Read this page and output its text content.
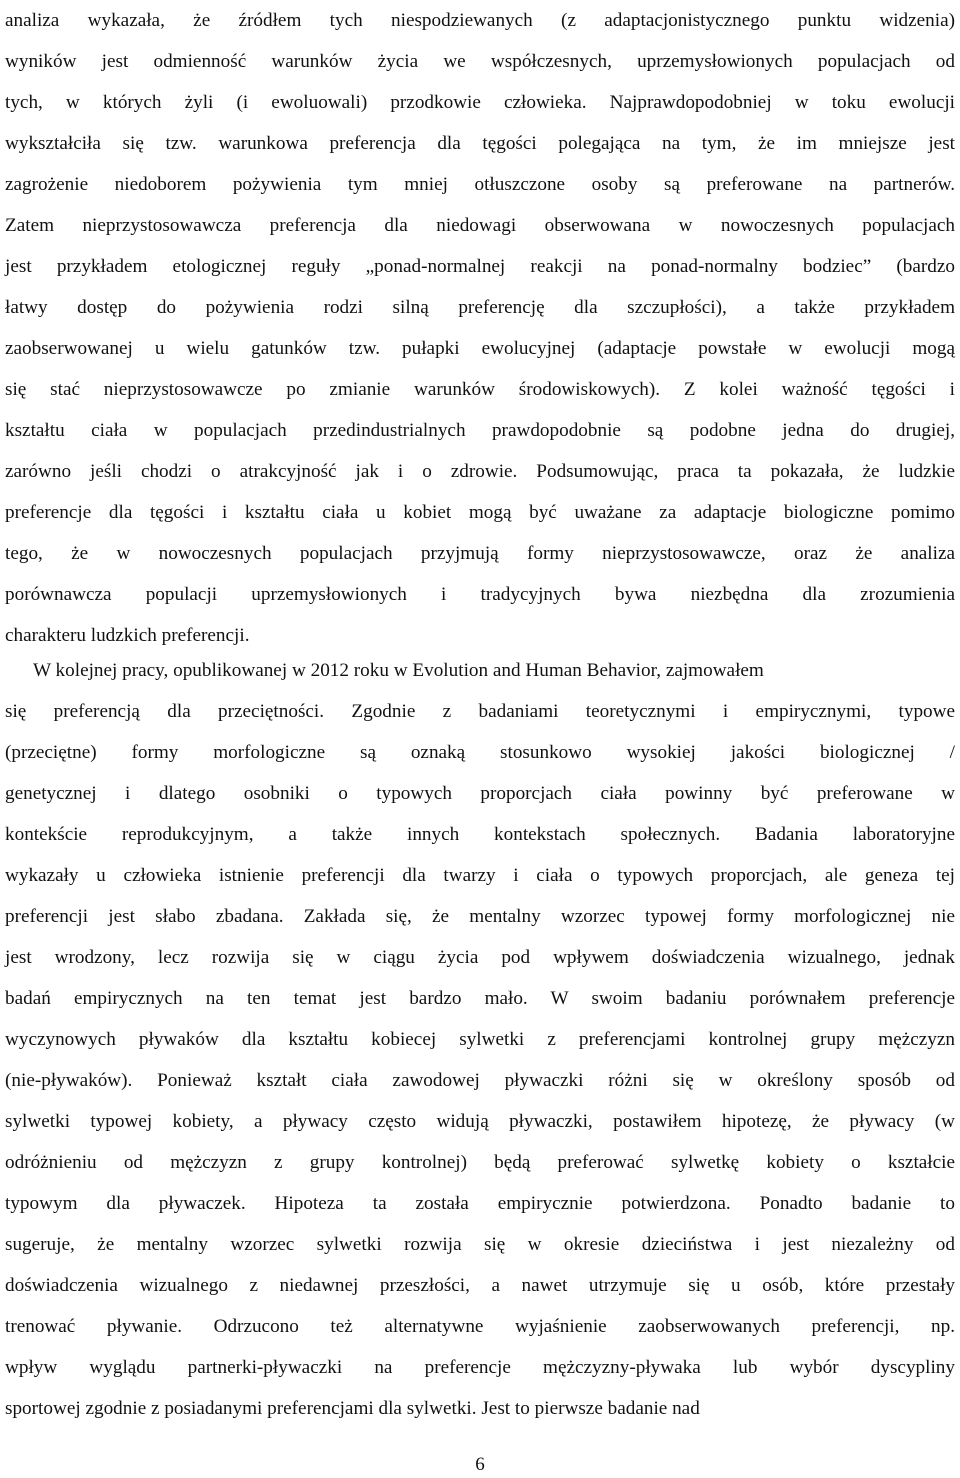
analiza wykazała, że źródłem tych niespodziewanych (z adaptacjonistycznego punktu widzenia)
wyników jest odmienność warunków życia we współczesnych, uprzemysłowionych populacjach od
tych, w których żyli (i ewoluowali) przodkowie człowieka. Najprawdopodobniej w toku ewolucji
wykształciła się tzw. warunkowa preferencja dla tęgości polegająca na tym, że im mniejsze jest
zagrożenie niedoborem pożywienia tym mniej otłuszczone osoby są preferowane na partnerów.
Zatem nieprzystosowawcza preferencja dla niedowagi obserwowana w nowoczesnych populacjach
jest przykładem etologicznej reguły „ponad-normalnej reakcji na ponad-normalny bodziec” (bardzo
łatwy dostęp do pożywienia rodzi silną preferencję dla szczupłości), a także przykładem
zaobserwowanej u wielu gatunków tzw. pułapki ewolucyjnej (adaptacje powstałe w ewolucji mogą
się stać nieprzystosowawcze po zmianie warunków środowiskowych). Z kolei ważność tęgości i
kształtu ciała w populacjach przedindustrialnych prawdopodobnie są podobne jedna do drugiej,
zarówno jeśli chodzi o atrakcyjność jak i o zdrowie. Podsumowując, praca ta pokazała, że ludzkie
preferencje dla tęgości i kształtu ciała u kobiet mogą być uważane za adaptacje biologiczne pomimo
tego, że w nowoczesnych populacjach przyjmują formy nieprzystosowawcze, oraz że analiza
porównawcza populacji uprzemysłowionych i tradycyjnych bywa niezbędna dla zrozumienia
charakteru ludzkich preferencji.
W kolejnej pracy, opublikowanej w 2012 roku w Evolution and Human Behavior, zajmowałem
się preferencją dla przeciętności. Zgodnie z badaniami teoretycznymi i empirycznymi, typowe
(przeciętne) formy morfologiczne są oznaką stosunkowo wysokiej jakości biologicznej /
genetycznej i dlatego osobniki o typowych proporcjach ciała powinny być preferowane w
kontekście reprodukcyjnym, a także innych kontekstach społecznych. Badania laboratoryjne
wykazały u człowieka istnienie preferencji dla twarzy i ciała o typowych proporcjach, ale geneza tej
preferencji jest słabo zbadana. Zakłada się, że mentalny wzorzec typowej formy morfologicznej nie
jest wrodzony, lecz rozwija się w ciągu życia pod wpływem doświadczenia wizualnego, jednak
badań empirycznych na ten temat jest bardzo mało. W swoim badaniu porównałem preferencje
wyczynowych pływaków dla kształtu kobiecej sylwetki z preferencjami kontrolnej grupy mężczyzn
(nie-pływaków). Ponieważ kształt ciała zawodowej pływaczki różni się w określony sposób od
sylwetki typowej kobiety, a pływacy często widują pływaczki, postawiłem hipotezę, że pływacy (w
odróżnieniu od mężczyzn z grupy kontrolnej) będą preferować sylwetkę kobiety o kształcie
typowym dla pływaczek. Hipoteza ta została empirycznie potwierdzona. Ponadto badanie to
sugeruje, że mentalny wzorzec sylwetki rozwija się w okresie dzieciństwa i jest niezależny od
doświadczenia wizualnego z niedawnej przeszłości, a nawet utrzymuje się u osób, które przestały
trenować pływanie. Odrzucono też alternatywne wyjaśnienie zaobserwowanych preferencji, np.
wpływ wyglądu partnerki-pływaczki na preferencje mężczyzny-pływaka lub wybór dyscypliny
sportowej zgodnie z posiadanymi preferencjami dla sylwetki. Jest to pierwsze badanie nad
6
